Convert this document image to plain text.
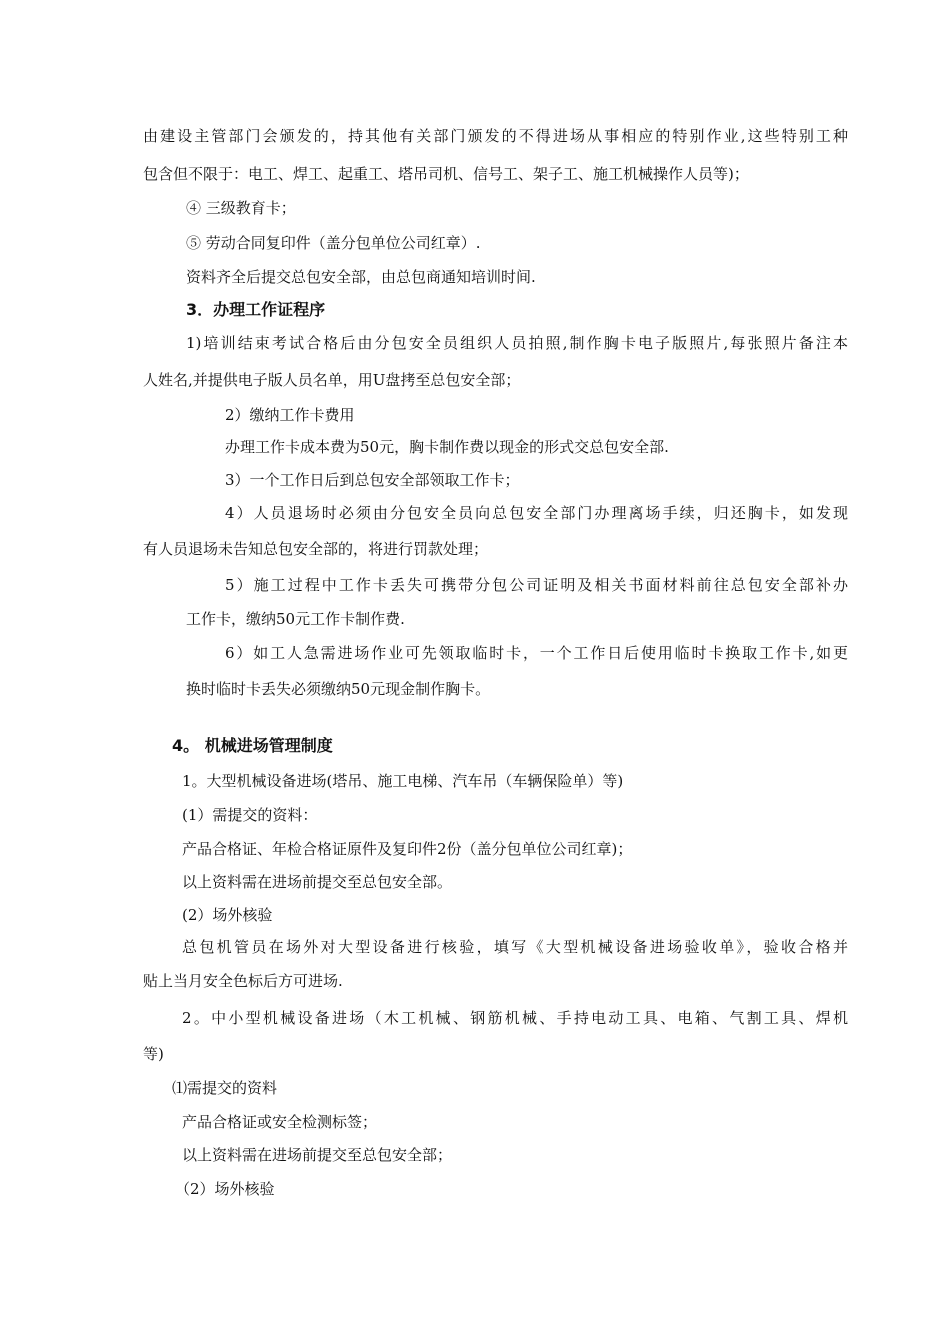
由建设主管部门会颁发的，持其他有关部门颁发的不得进场从事相应的特别作业,这些特别工种
包含但不限于：电工、焊工、起重工、塔吊司机、信号工、架子工、施工机械操作人员等)；
④ 三级教育卡；
⑤ 劳动合同复印件（盖分包单位公司红章）.
资料齐全后提交总包安全部，由总包商通知培训时间.
3．办理工作证程序
1)培训结束考试合格后由分包安全员组织人员拍照,制作胸卡电子版照片,每张照片备注本
人姓名,并提供电子版人员名单，用U盘拷至总包安全部；
2）缴纳工作卡费用
办理工作卡成本费为50元，胸卡制作费以现金的形式交总包安全部.
3）一个工作日后到总包安全部领取工作卡；
4）人员退场时必须由分包安全员向总包安全部门办理离场手续，归还胸卡，如发现
有人员退场未告知总包安全部的，将进行罚款处理；
5）施工过程中工作卡丢失可携带分包公司证明及相关书面材料前往总包安全部补办
工作卡，缴纳50元工作卡制作费.
6）如工人急需进场作业可先领取临时卡，一个工作日后使用临时卡换取工作卡,如更
换时临时卡丢失必须缴纳50元现金制作胸卡。
4。 机械进场管理制度
1。大型机械设备进场(塔吊、施工电梯、汽车吊（车辆保险单）等)
(1）需提交的资料：
产品合格证、年检合格证原件及复印件2份（盖分包单位公司红章)；
以上资料需在进场前提交至总包安全部。
(2）场外核验
总包机管员在场外对大型设备进行核验，填写《大型机械设备进场验收单》，验收合格并
贴上当月安全色标后方可进场.
2。中小型机械设备进场（木工机械、钢筋机械、手持电动工具、电箱、气割工具、焊机
等)
⑴需提交的资料
产品合格证或安全检测标签；
以上资料需在进场前提交至总包安全部；
（2）场外核验
